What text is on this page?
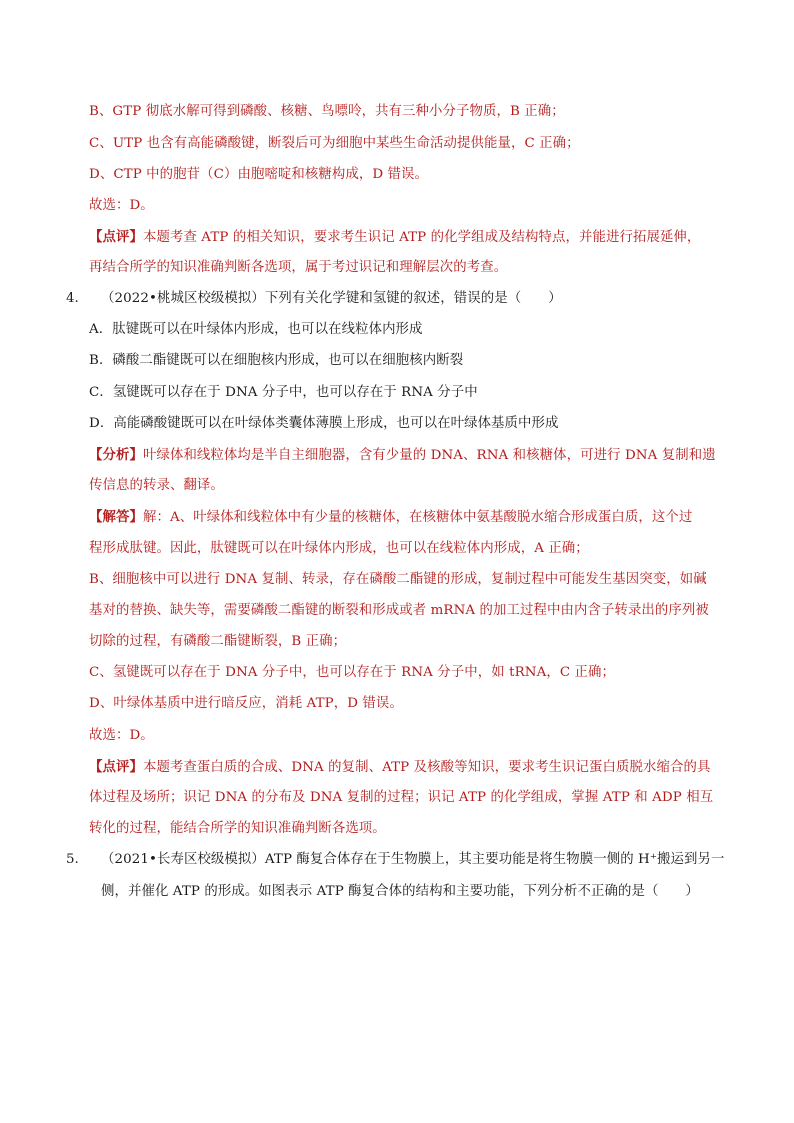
B、GTP 彻底水解可得到磷酸、核糖、鸟嘌呤，共有三种小分子物质，B 正确；
C、UTP 也含有高能磷酸键，断裂后可为细胞中某些生命活动提供能量，C 正确；
D、CTP 中的胞苷（C）由胞嘧啶和核糖构成，D 错误。
故选：D。
【点评】本题考查 ATP 的相关知识，要求考生识记 ATP 的化学组成及结构特点，并能进行拓展延伸，
再结合所学的知识准确判断各选项，属于考过识记和理解层次的考查。
4. （2022•桃城区校级模拟）下列有关化学键和氢键的叙述，错误的是（　　）
A．肽键既可以在叶绿体内形成，也可以在线粒体内形成
B．磷酸二酯键既可以在细胞核内形成，也可以在细胞核内断裂
C．氢键既可以存在于 DNA 分子中，也可以存在于 RNA 分子中
D．高能磷酸键既可以在叶绿体类囊体薄膜上形成，也可以在叶绿体基质中形成
【分析】叶绿体和线粒体均是半自主细胞器，含有少量的 DNA、RNA 和核糖体，可进行 DNA 复制和遗
传信息的转录、翻译。
【解答】解：A、叶绿体和线粒体中有少量的核糖体，在核糖体中氨基酸脱水缩合形成蛋白质，这个过
程形成肽键。因此，肽键既可以在叶绿体内形成，也可以在线粒体内形成，A 正确；
B、细胞核中可以进行 DNA 复制、转录，存在磷酸二酯键的形成，复制过程中可能发生基因突变，如碱
基对的替换、缺失等，需要磷酸二酯键的断裂和形成或者 mRNA 的加工过程中由内含子转录出的序列被
切除的过程，有磷酸二酯键断裂，B 正确；
C、氢键既可以存在于 DNA 分子中，也可以存在于 RNA 分子中，如 tRNA，C 正确；
D、叶绿体基质中进行暗反应，消耗 ATP，D 错误。
故选：D。
【点评】本题考查蛋白质的合成、DNA 的复制、ATP 及核酸等知识，要求考生识记蛋白质脱水缩合的具
体过程及场所；识记 DNA 的分布及 DNA 复制的过程；识记 ATP 的化学组成，掌握 ATP 和 ADP 相互
转化的过程，能结合所学的知识准确判断各选项。
5. （2021•长寿区校级模拟）ATP 酶复合体存在于生物膜上，其主要功能是将生物膜一侧的 H⁺搬运到另一
侧，并催化 ATP 的形成。如图表示 ATP 酶复合体的结构和主要功能，下列分析不正确的是（　　）
